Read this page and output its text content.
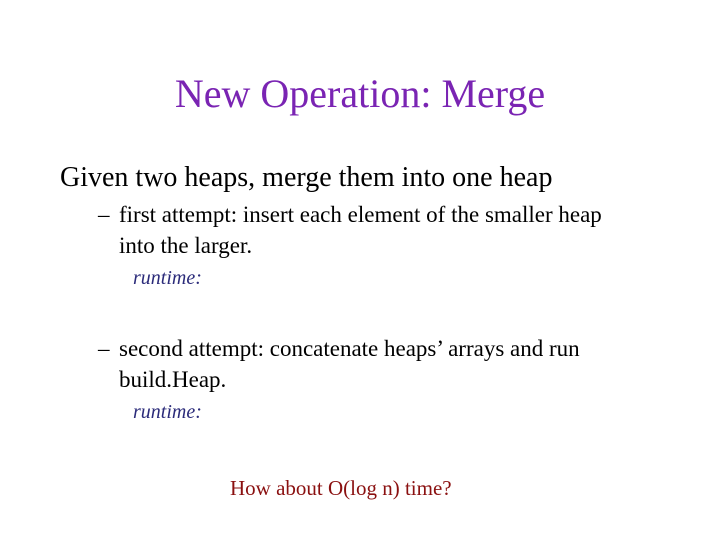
New Operation: Merge
Given two heaps, merge them into one heap
– first attempt: insert each element of the smaller heap
into the larger.
runtime:
– second attempt: concatenate heaps’ arrays and run
build.Heap.
runtime:
How about O(log n) time?
